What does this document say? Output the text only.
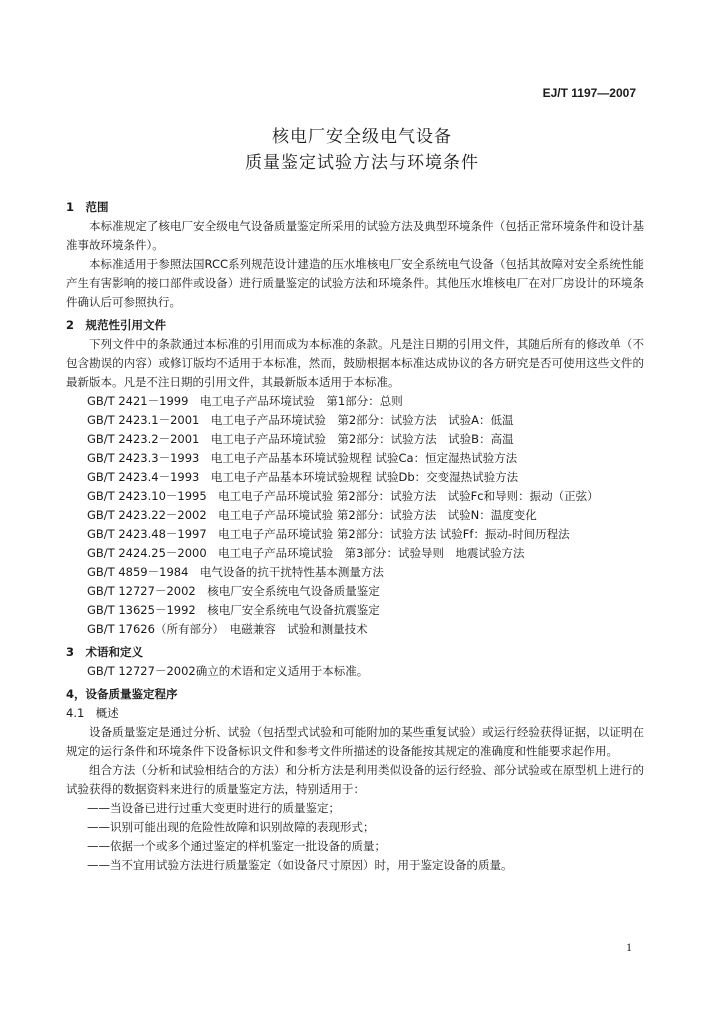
EJ/T 1197—2007
核电厂安全级电气设备
质量鉴定试验方法与环境条件
1　范围

本标准规定了核电厂安全级电气设备质量鉴定所采用的试验方法及典型环境条件（包括正常环境条件和设计基准事故环境条件）。

本标准适用于参照法国RCC系列规范设计建造的压水堆核电厂安全系统电气设备（包括其故障对安全系统性能产生有害影响的接口部件或设备）进行质量鉴定的试验方法和环境条件。其他压水堆核电厂在对厂房设计的环境条件确认后可参照执行。

2　规范性引用文件

下列文件中的条款通过本标准的引用而成为本标准的条款。凡是注日期的引用文件，其随后所有的修改单（不包含勘误的内容）或修订版均不适用于本标准，然而，鼓励根据本标准达成协议的各方研究是否可使用这些文件的最新版本。凡是不注日期的引用文件，其最新版本适用于本标准。

GB/T 2421－1999　电工电子产品环境试验　第1部分：总则

GB/T 2423.1－2001　电工电子产品环境试验　第2部分：试验方法　试验A：低温

GB/T 2423.2－2001　电工电子产品环境试验　第2部分：试验方法　试验B：高温

GB/T 2423.3－1993　电工电子产品基本环境试验规程 试验Ca：恒定湿热试验方法

GB/T 2423.4－1993　电工电子产品基本环境试验规程 试验Db：交变湿热试验方法

GB/T 2423.10－1995　电工电子产品环境试验 第2部分：试验方法　试验Fc和导则：振动（正弦）

GB/T 2423.22－2002　电工电子产品环境试验 第2部分：试验方法　试验N：温度变化

GB/T 2423.48－1997　电工电子产品环境试验 第2部分：试验方法 试验Ff：振动-时间历程法

GB/T 2424.25－2000　电工电子产品环境试验　第3部分：试验导则　地震试验方法

GB/T 4859－1984　电气设备的抗干扰特性基本测量方法

GB/T 12727－2002　核电厂安全系统电气设备质量鉴定

GB/T 13625－1992　核电厂安全系统电气设备抗震鉴定

GB/T 17626（所有部分）　电磁兼容　试验和测量技术

3　术语和定义

GB/T 12727－2002确立的术语和定义适用于本标准。

4，设备质量鉴定程序
4.1　概述

设备质量鉴定是通过分析、试验（包括型式试验和可能附加的某些重复试验）或运行经验获得证据，以证明在规定的运行条件和环境条件下设备标识文件和参考文件所描述的设备能按其规定的准确度和性能要求起作用。

组合方法（分析和试验相结合的方法）和分析方法是利用类似设备的运行经验、部分试验或在原型机上进行的试验获得的数据资料来进行的质量鉴定方法，特别适用于：

——当设备已进行过重大变更时进行的质量鉴定；

——识别可能出现的危险性故障和识别故障的表现形式；

——依据一个或多个通过鉴定的样机鉴定一批设备的质量；

——当不宜用试验方法进行质量鉴定（如设备尺寸原因）时，用于鉴定设备的质量。

1
